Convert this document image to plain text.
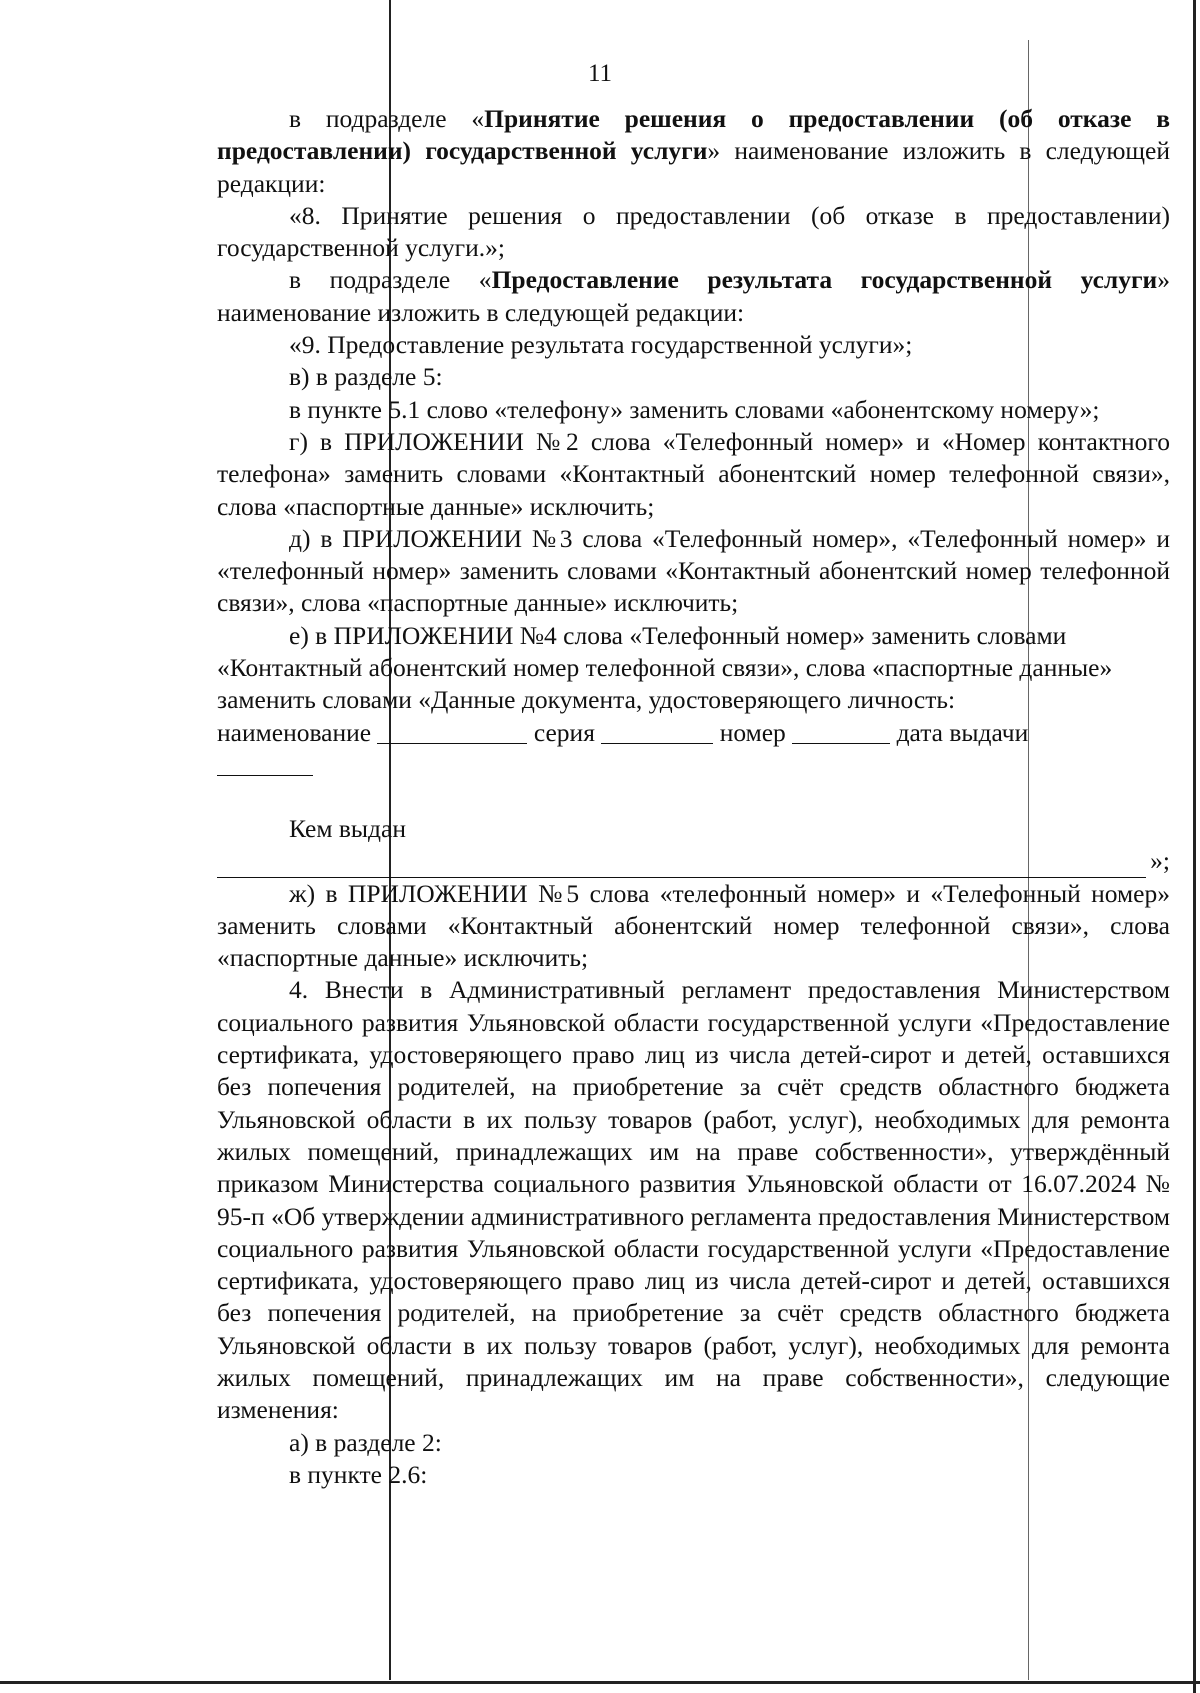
11

в подразделе «Принятие решения о предоставлении (об отказе в предоставлении) государственной услуги» наименование изложить в следующей редакции:

«8. Принятие решения о предоставлении (об отказе в предоставлении) государственной услуги.»;

в подразделе «Предоставление результата государственной услуги» наименование изложить в следующей редакции:

«9. Предоставление результата государственной услуги»;

в) в разделе 5:

в пункте 5.1 слово «телефону» заменить словами «абонентскому номеру»;

г) в ПРИЛОЖЕНИИ №2 слова «Телефонный номер» и «Номер контактного телефона» заменить словами «Контактный абонентский номер телефонной связи», слова «паспортные данные» исключить;

д) в ПРИЛОЖЕНИИ №3 слова «Телефонный номер», «Телефонный номер» и «телефонный номер» заменить словами «Контактный абонентский номер телефонной связи», слова «паспортные данные» исключить;

е) в ПРИЛОЖЕНИИ №4 слова «Телефонный номер» заменить словами «Контактный абонентский номер телефонной связи», слова «паспортные данные» заменить словами «Данные документа, удостоверяющего личность:

наименование	серия	номер	дата выдачи

Кем выдан

»;

ж) в ПРИЛОЖЕНИИ №5 слова «телефонный номер» и «Телефонный номер» заменить словами «Контактный абонентский номер телефонной связи», слова «паспортные данные» исключить;

4. Внести в Административный регламент предоставления Министерством социального развития Ульяновской области государственной услуги «Предоставление сертификата, удостоверяющего право лиц из числа детей-сирот и детей, оставшихся без попечения родителей, на приобретение за счёт средств областного бюджета Ульяновской области в их пользу товаров (работ, услуг), необходимых для ремонта жилых помещений, принадлежащих им на праве собственности», утверждённый приказом Министерства социального развития Ульяновской области от 16.07.2024 № 95-п «Об утверждении административного регламента предоставления Министерством социального развития Ульяновской области государственной услуги «Предоставление сертификата, удостоверяющего право лиц из числа детей-сирот и детей, оставшихся без попечения родителей, на приобретение за счёт средств областного бюджета Ульяновской области в их пользу товаров (работ, услуг), необходимых для ремонта жилых помещений, принадлежащих им на праве собственности», следующие изменения:

а) в разделе 2:

в пункте 2.6:
